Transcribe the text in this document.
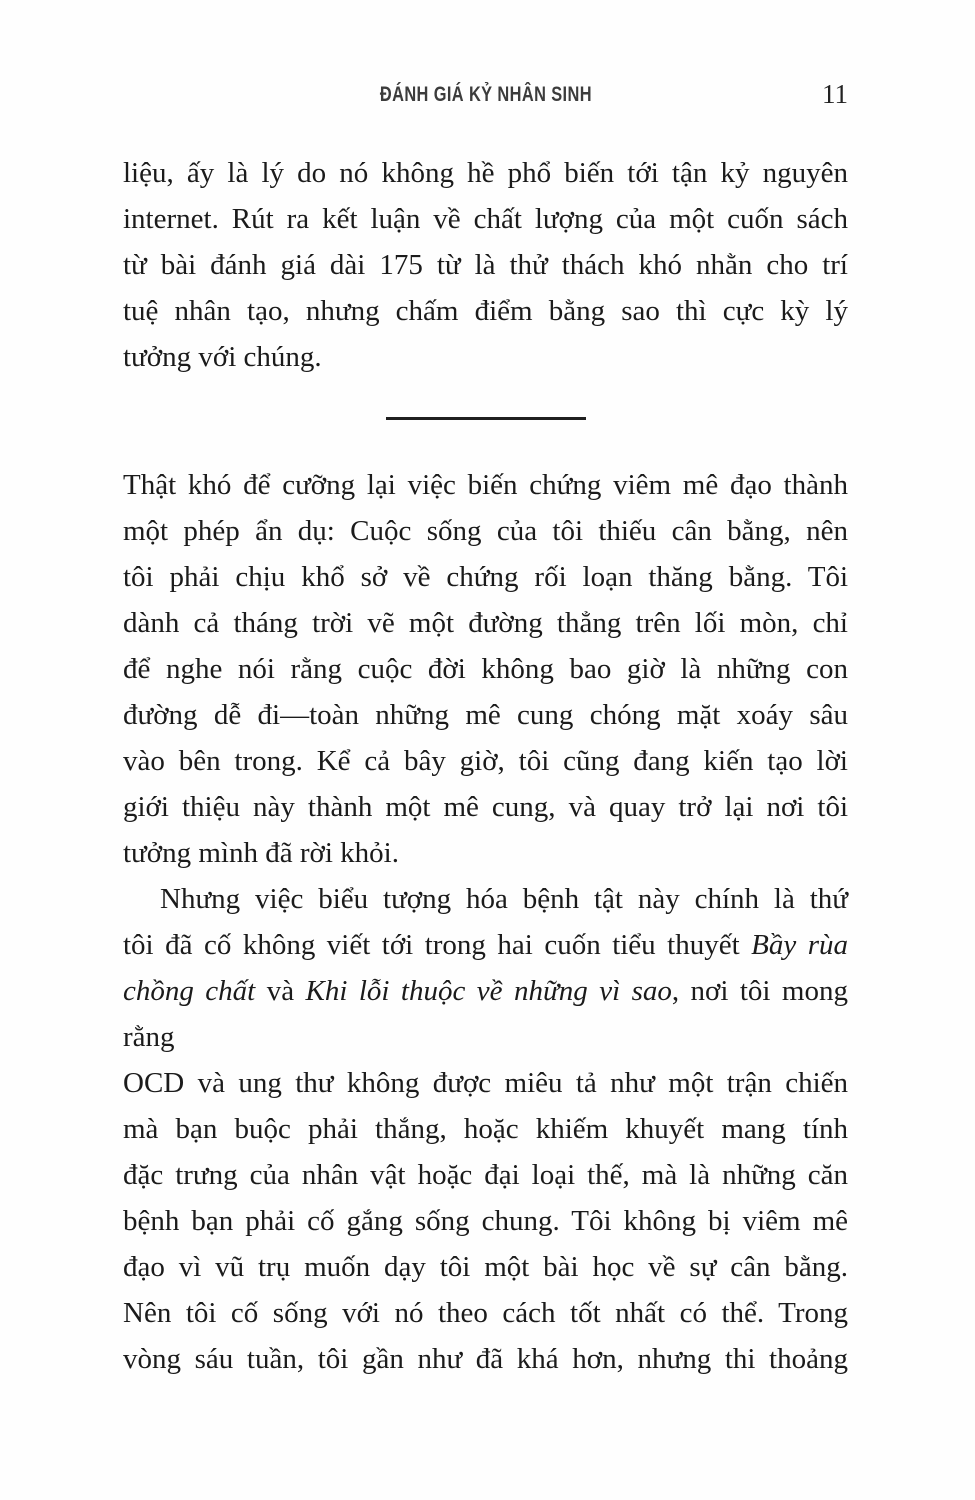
ĐÁNH GIÁ KỶ NHÂN SINH	11
liệu, ấy là lý do nó không hề phổ biến tới tận kỷ nguyên
internet. Rút ra kết luận về chất lượng của một cuốn sách
từ bài đánh giá dài 175 từ là thử thách khó nhằn cho trí
tuệ nhân tạo, nhưng chấm điểm bằng sao thì cực kỳ lý
tưởng với chúng.
Thật khó để cưỡng lại việc biến chứng viêm mê đạo thành
một phép ẩn dụ: Cuộc sống của tôi thiếu cân bằng, nên
tôi phải chịu khổ sở về chứng rối loạn thăng bằng. Tôi
dành cả tháng trời vẽ một đường thẳng trên lối mòn, chỉ
để nghe nói rằng cuộc đời không bao giờ là những con
đường dễ đi—toàn những mê cung chóng mặt xoáy sâu
vào bên trong. Kể cả bây giờ, tôi cũng đang kiến tạo lời
giới thiệu này thành một mê cung, và quay trở lại nơi tôi
tưởng mình đã rời khỏi.
Nhưng việc biểu tượng hóa bệnh tật này chính là thứ
tôi đã cố không viết tới trong hai cuốn tiểu thuyết Bầy rùa
chồng chất và Khi lỗi thuộc về những vì sao, nơi tôi mong rằng
OCD và ung thư không được miêu tả như một trận chiến
mà bạn buộc phải thắng, hoặc khiếm khuyết mang tính
đặc trưng của nhân vật hoặc đại loại thế, mà là những căn
bệnh bạn phải cố gắng sống chung. Tôi không bị viêm mê
đạo vì vũ trụ muốn dạy tôi một bài học về sự cân bằng.
Nên tôi cố sống với nó theo cách tốt nhất có thể. Trong
vòng sáu tuần, tôi gần như đã khá hơn, nhưng thi thoảng
